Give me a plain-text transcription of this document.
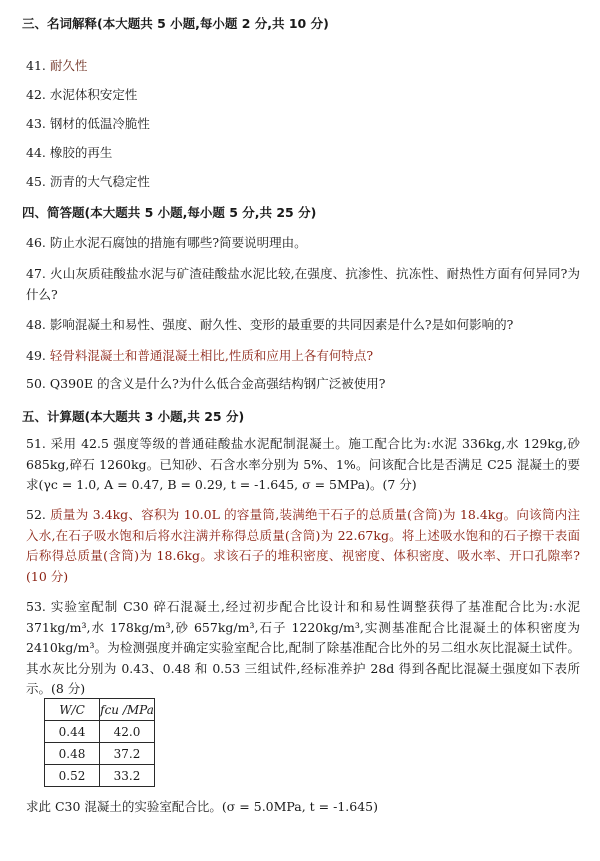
三、名词解释(本大题共 5 小题,每小题 2 分,共 10 分)
41. 耐久性
42. 水泥体积安定性
43. 钢材的低温冷脆性
44. 橡胶的再生
45. 沥青的大气稳定性
四、简答题(本大题共 5 小题,每小题 5 分,共 25 分)
46. 防止水泥石腐蚀的措施有哪些?简要说明理由。
47. 火山灰质硅酸盐水泥与矿渣硅酸盐水泥比较,在强度、抗渗性、抗冻性、耐热性方面有何异同?为什么?
48. 影响混凝土和易性、强度、耐久性、变形的最重要的共同因素是什么?是如何影响的?
49. 轻骨料混凝土和普通混凝土相比,性质和应用上各有何特点?
50. Q390E 的含义是什么?为什么低合金高强结构钢广泛被使用?
五、计算题(本大题共 3 小题,共 25 分)
51. 采用 42.5 强度等级的普通硅酸盐水泥配制混凝土。施工配合比为:水泥 336kg,水 129kg,砂 685kg,碎石 1260kg。已知砂、石含水率分别为 5%、1%。问该配合比是否满足 C25 混凝土的要求(γc = 1.0, A = 0.47, B = 0.29, t = -1.645, σ = 5MPa)。(7 分)
52. 质量为 3.4kg、容积为 10.0L 的容量筒,装满绝干石子的总质量(含筒)为 18.4kg。向该筒内注入水,在石子吸水饱和后将水注满并称得总质量(含筒)为 22.67kg。将上述吸水饱和的石子擦干表面后称得总质量(含筒)为 18.6kg。求该石子的堆积密度、视密度、体积密度、吸水率、开口孔隙率?(10 分)
53. 实验室配制 C30 碎石混凝土,经过初步配合比设计和和易性调整获得了基准配合比为:水泥 371kg/m³,水 178kg/m³,砂 657kg/m³,石子 1220kg/m³,实测基准配合比混凝土的体积密度为 2410kg/m³。为检测强度并确定实验室配合比,配制了除基准配合比外的另二组水灰比混凝土试件。其水灰比分别为 0.43、0.48 和 0.53 三组试件,经标准养护 28d 得到各配比混凝土强度如下表所示。(8 分)
W/C	fcu /MPa
0.44	42.0
0.48	37.2
0.52	33.2
求此 C30 混凝土的实验室配合比。(σ = 5.0MPa, t = -1.645)
